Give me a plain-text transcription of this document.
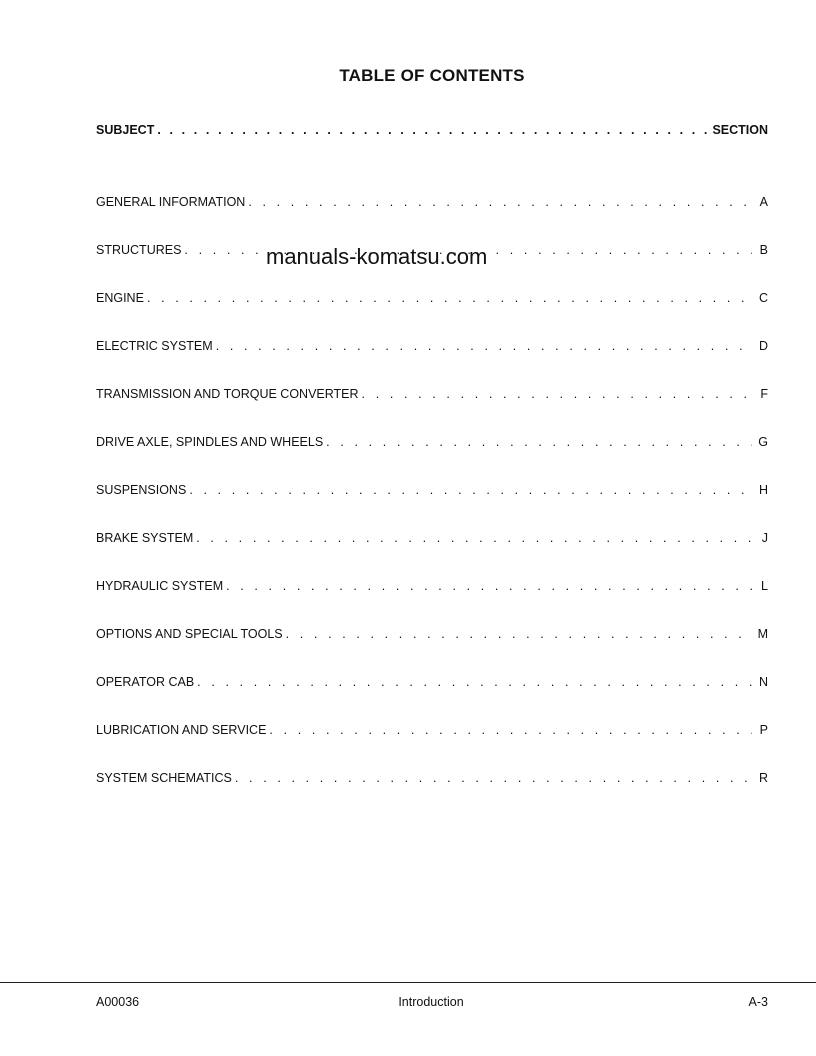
TABLE OF CONTENTS
SUBJECT . . .	SECTION
GENERAL INFORMATION . . .	A
STRUCTURES . . .	B
ENGINE . . .	C
ELECTRIC SYSTEM . . .	D
TRANSMISSION AND TORQUE CONVERTER . . .	F
DRIVE AXLE, SPINDLES AND WHEELS . . .	G
SUSPENSIONS . . .	H
BRAKE SYSTEM . . .	J
HYDRAULIC SYSTEM . . .	L
OPTIONS AND SPECIAL TOOLS . . .	M
OPERATOR CAB . . .	N
LUBRICATION AND SERVICE . . .	P
SYSTEM SCHEMATICS . . .	R
manuals-komatsu.com
A00036	Introduction	A-3
